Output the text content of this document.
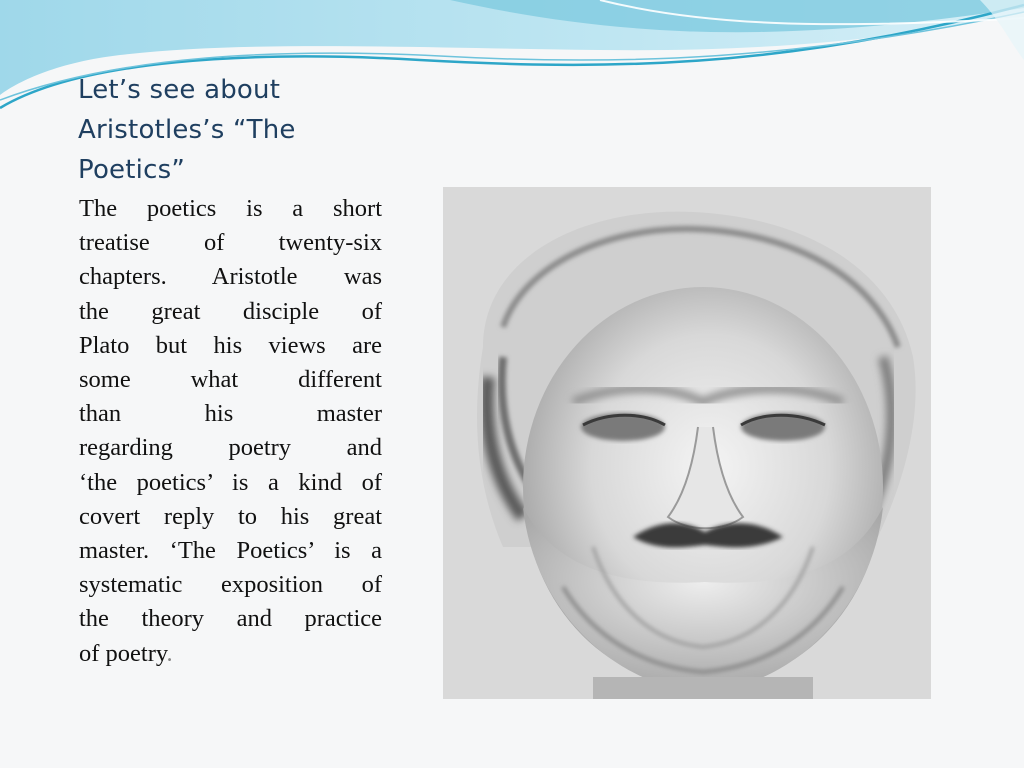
Let’s see about
Aristotles’s “The
Poetics”
The poetics is a short
treatise of twenty-six
chapters. Aristotle was
the great disciple of
Plato but his views are
some what different
than his master
regarding poetry and
‘the poetics’ is a kind of
covert reply to his great
master. ‘The Poetics’ is a
systematic exposition of
the theory and practice
of poetry.
